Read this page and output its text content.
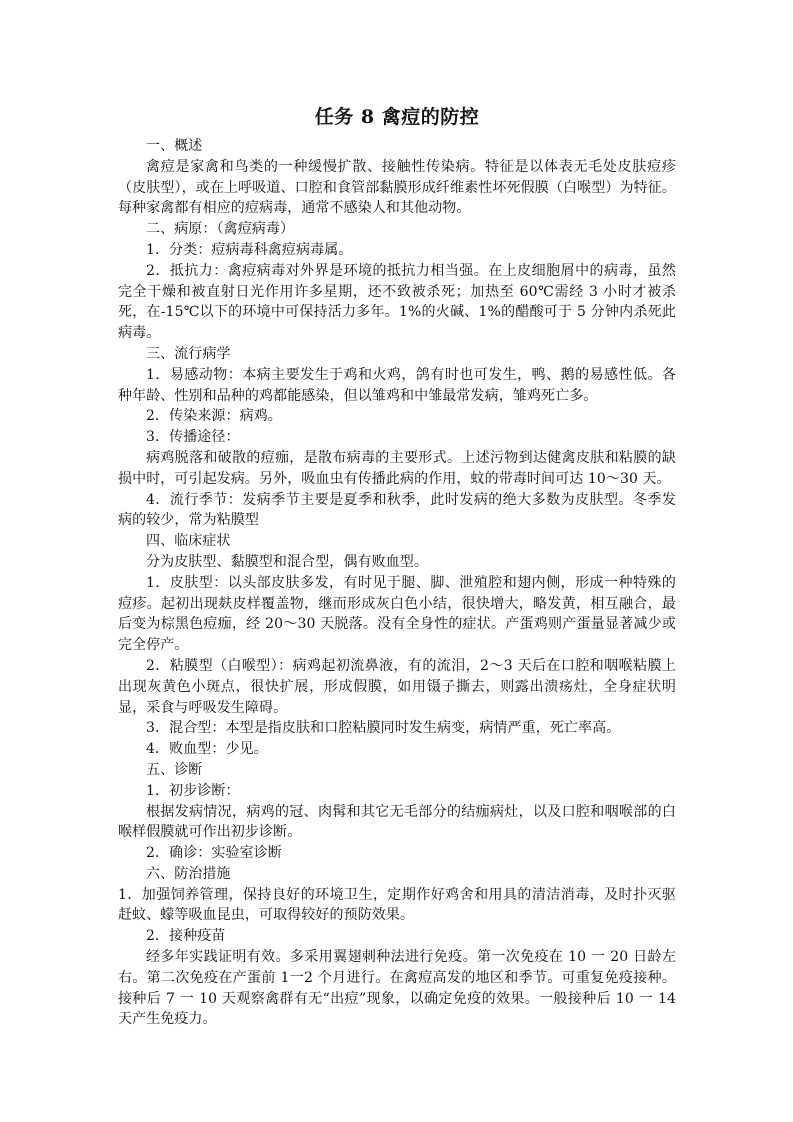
任务 8 禽痘的防控

一、概述

禽痘是家禽和鸟类的一种缓慢扩散、接触性传染病。特征是以体表无毛处皮肤痘疹（皮肤型），或在上呼吸道、口腔和食管部黏膜形成纤维素性坏死假膜（白喉型）为特征。每种家禽都有相应的痘病毒，通常不感染人和其他动物。

二、病原：（禽痘病毒）

1．分类：痘病毒科禽痘病毒属。

2．抵抗力：禽痘病毒对外界是环境的抵抗力相当强。在上皮细胞屑中的病毒，虽然完全干燥和被直射日光作用许多星期，还不致被杀死；加热至 60℃需经 3 小时才被杀死，在-15℃以下的环境中可保持活力多年。1%的火碱、1%的醋酸可于 5 分钟内杀死此病毒。

三、流行病学

1．易感动物：本病主要发生于鸡和火鸡，鸽有时也可发生，鸭、鹅的易感性低。各种年龄、性别和品种的鸡都能感染，但以雏鸡和中雏最常发病，雏鸡死亡多。

2．传染来源：病鸡。

3．传播途径：

病鸡脱落和破散的痘痂，是散布病毒的主要形式。上述污物到达健禽皮肤和粘膜的缺损中时，可引起发病。另外，吸血虫有传播此病的作用，蚊的带毒时间可达 10～30 天。

4．流行季节：发病季节主要是夏季和秋季，此时发病的绝大多数为皮肤型。冬季发病的较少，常为粘膜型

四、临床症状

分为皮肤型、黏膜型和混合型，偶有败血型。

1．皮肤型：以头部皮肤多发，有时见于腿、脚、泄殖腔和翅内侧，形成一种特殊的痘疹。起初出现麸皮样覆盖物，继而形成灰白色小结，很快增大，略发黄，相互融合，最后变为棕黑色痘痂，经 20～30 天脱落。没有全身性的症状。产蛋鸡则产蛋量显著减少或完全停产。

2．粘膜型（白喉型）：病鸡起初流鼻液，有的流泪，2～3 天后在口腔和咽喉粘膜上出现灰黄色小斑点，很快扩展，形成假膜，如用镊子撕去，则露出溃疡灶，全身症状明显，采食与呼吸发生障碍。

3．混合型：本型是指皮肤和口腔粘膜同时发生病变，病情严重，死亡率高。

4．败血型：少见。

五、诊断

1．初步诊断：

根据发病情况，病鸡的冠、肉髯和其它无毛部分的结痂病灶，以及口腔和咽喉部的白喉样假膜就可作出初步诊断。

2．确诊：实验室诊断

六、防治措施

1．加强饲养管理，保持良好的环境卫生，定期作好鸡舍和用具的清洁消毒，及时扑灭驱赶蚊、蠓等吸血昆虫，可取得较好的预防效果。

2．接种疫苗

经多年实践证明有效。多采用翼翅刺种法进行免疫。第一次免疫在 10 一 20 日龄左右。第二次免疫在产蛋前 1一2 个月进行。在禽痘高发的地区和季节。可重复免疫接种。接种后 7 一 10 天观察禽群有无“出痘”现象，以确定免疫的效果。一般接种后 10 一 14 天产生免疫力。
